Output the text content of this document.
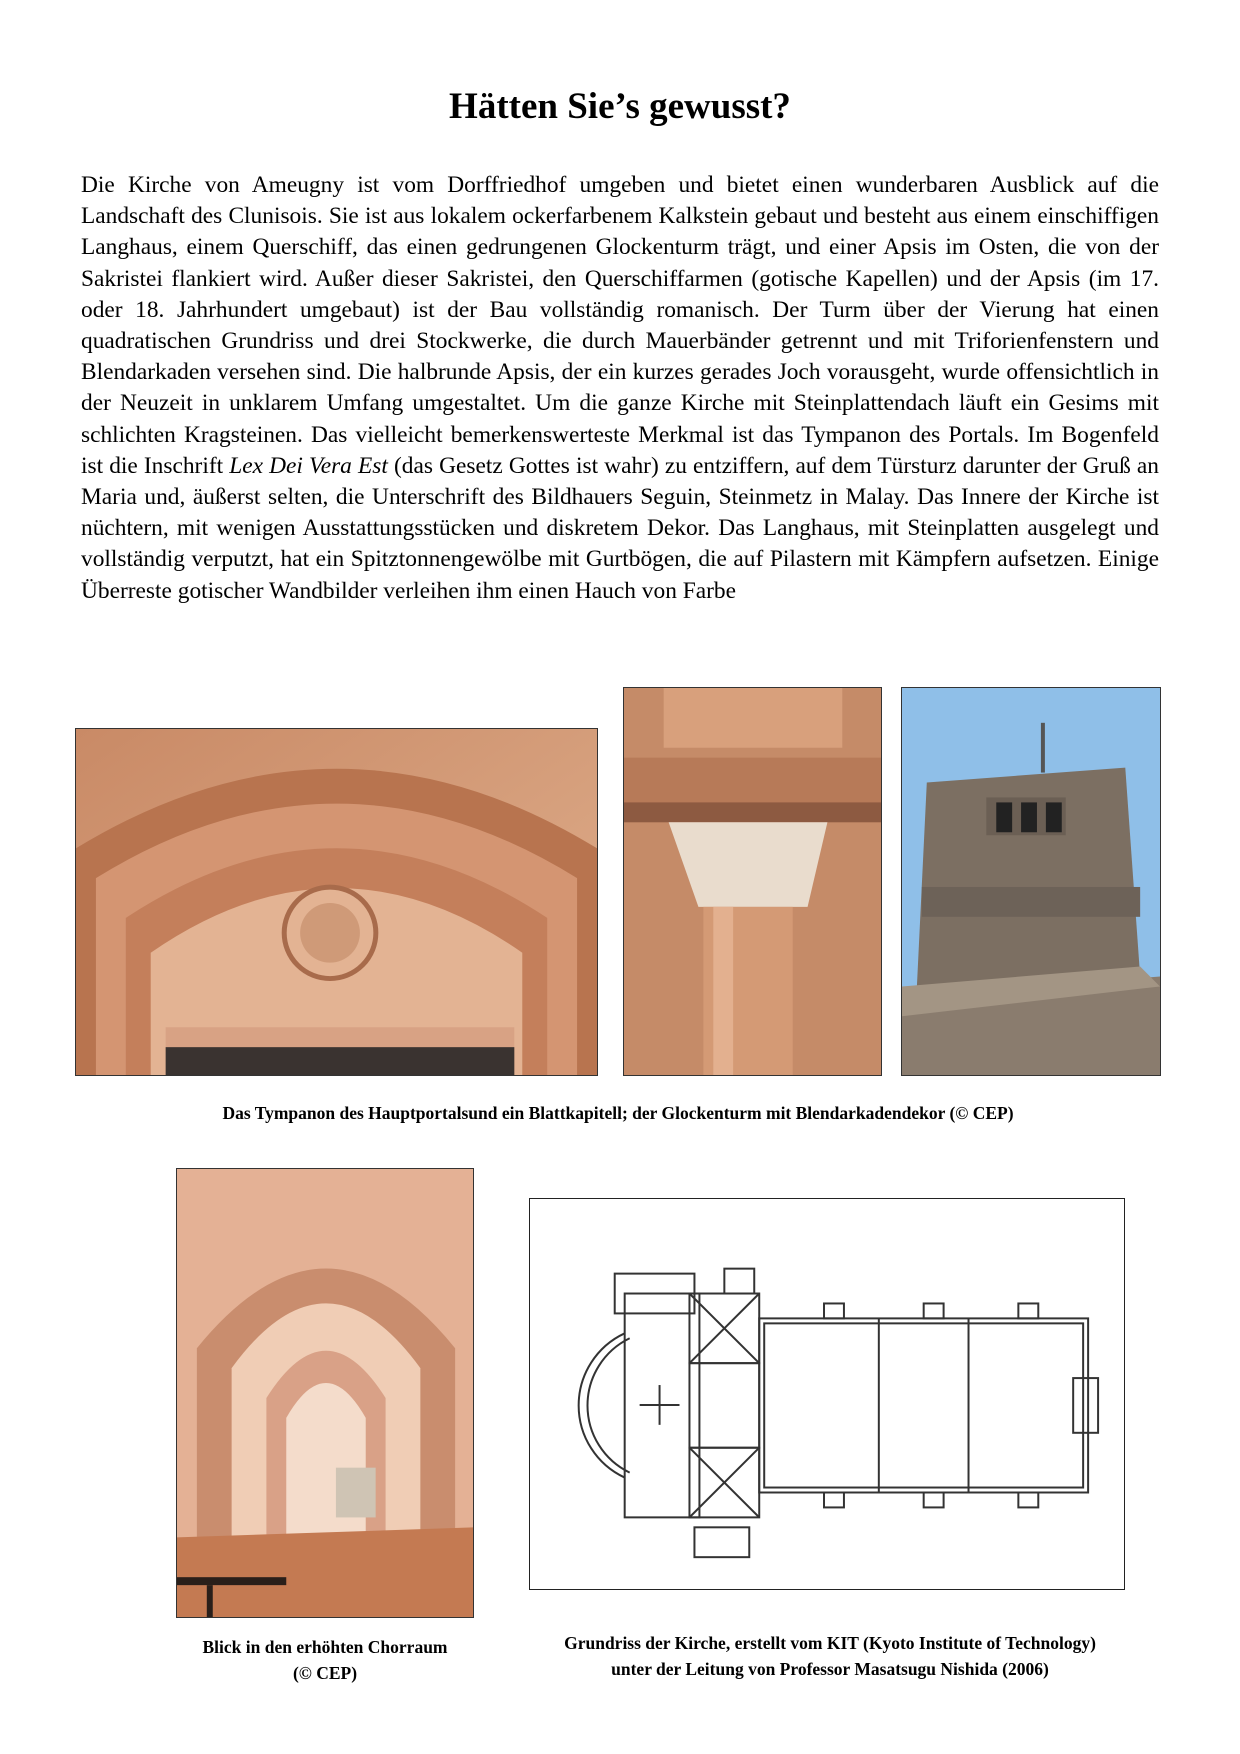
Hätten Sie’s gewusst?

Die Kirche von Ameugny ist vom Dorffriedhof umgeben und bietet einen wunderbaren Ausblick auf die Landschaft des Clunisois. Sie ist aus lokalem ockerfarbenem Kalkstein gebaut und besteht aus einem einschiffigen Langhaus, einem Querschiff, das einen gedrungenen Glockenturm trägt, und einer Apsis im Osten, die von der Sakristei flankiert wird. Außer dieser Sakristei, den Querschiffarmen (gotische Kapellen) und der Apsis (im 17. oder 18. Jahrhundert umgebaut) ist der Bau vollständig romanisch. Der Turm über der Vierung hat einen quadratischen Grundriss und drei Stockwerke, die durch Mauerbänder getrennt und mit Triforienfenstern und Blendarkaden versehen sind. Die halbrunde Apsis, der ein kurzes gerades Joch vorausgeht, wurde offensichtlich in der Neuzeit in unklarem Umfang umgestaltet. Um die ganze Kirche mit Steinplattendach läuft ein Gesims mit schlichten Kragsteinen. Das vielleicht bemerkenswerteste Merkmal ist das Tympanon des Portals. Im Bogenfeld ist die Inschrift Lex Dei Vera Est (das Gesetz Gottes ist wahr) zu entziffern, auf dem Türsturz darunter der Gruß an Maria und, äußerst selten, die Unterschrift des Bildhauers Seguin, Steinmetz in Malay. Das Innere der Kirche ist nüchtern, mit wenigen Ausstattungsstücken und diskretem Dekor. Das Langhaus, mit Steinplatten ausgelegt und vollständig verputzt, hat ein Spitztonnengewölbe mit Gurtbögen, die auf Pilastern mit Kämpfern aufsetzen. Einige Überreste gotischer Wandbilder verleihen ihm einen Hauch von Farbe

Das Tympanon des Hauptportalsund ein Blattkapitell; der Glockenturm mit Blendarkadendekor (© CEP)
Blick in den erhöhten Chorraum
(© CEP)
Grundriss der Kirche, erstellt vom KIT (Kyoto Institute of Technology)
unter der Leitung von Professor Masatsugu Nishida (2006)
